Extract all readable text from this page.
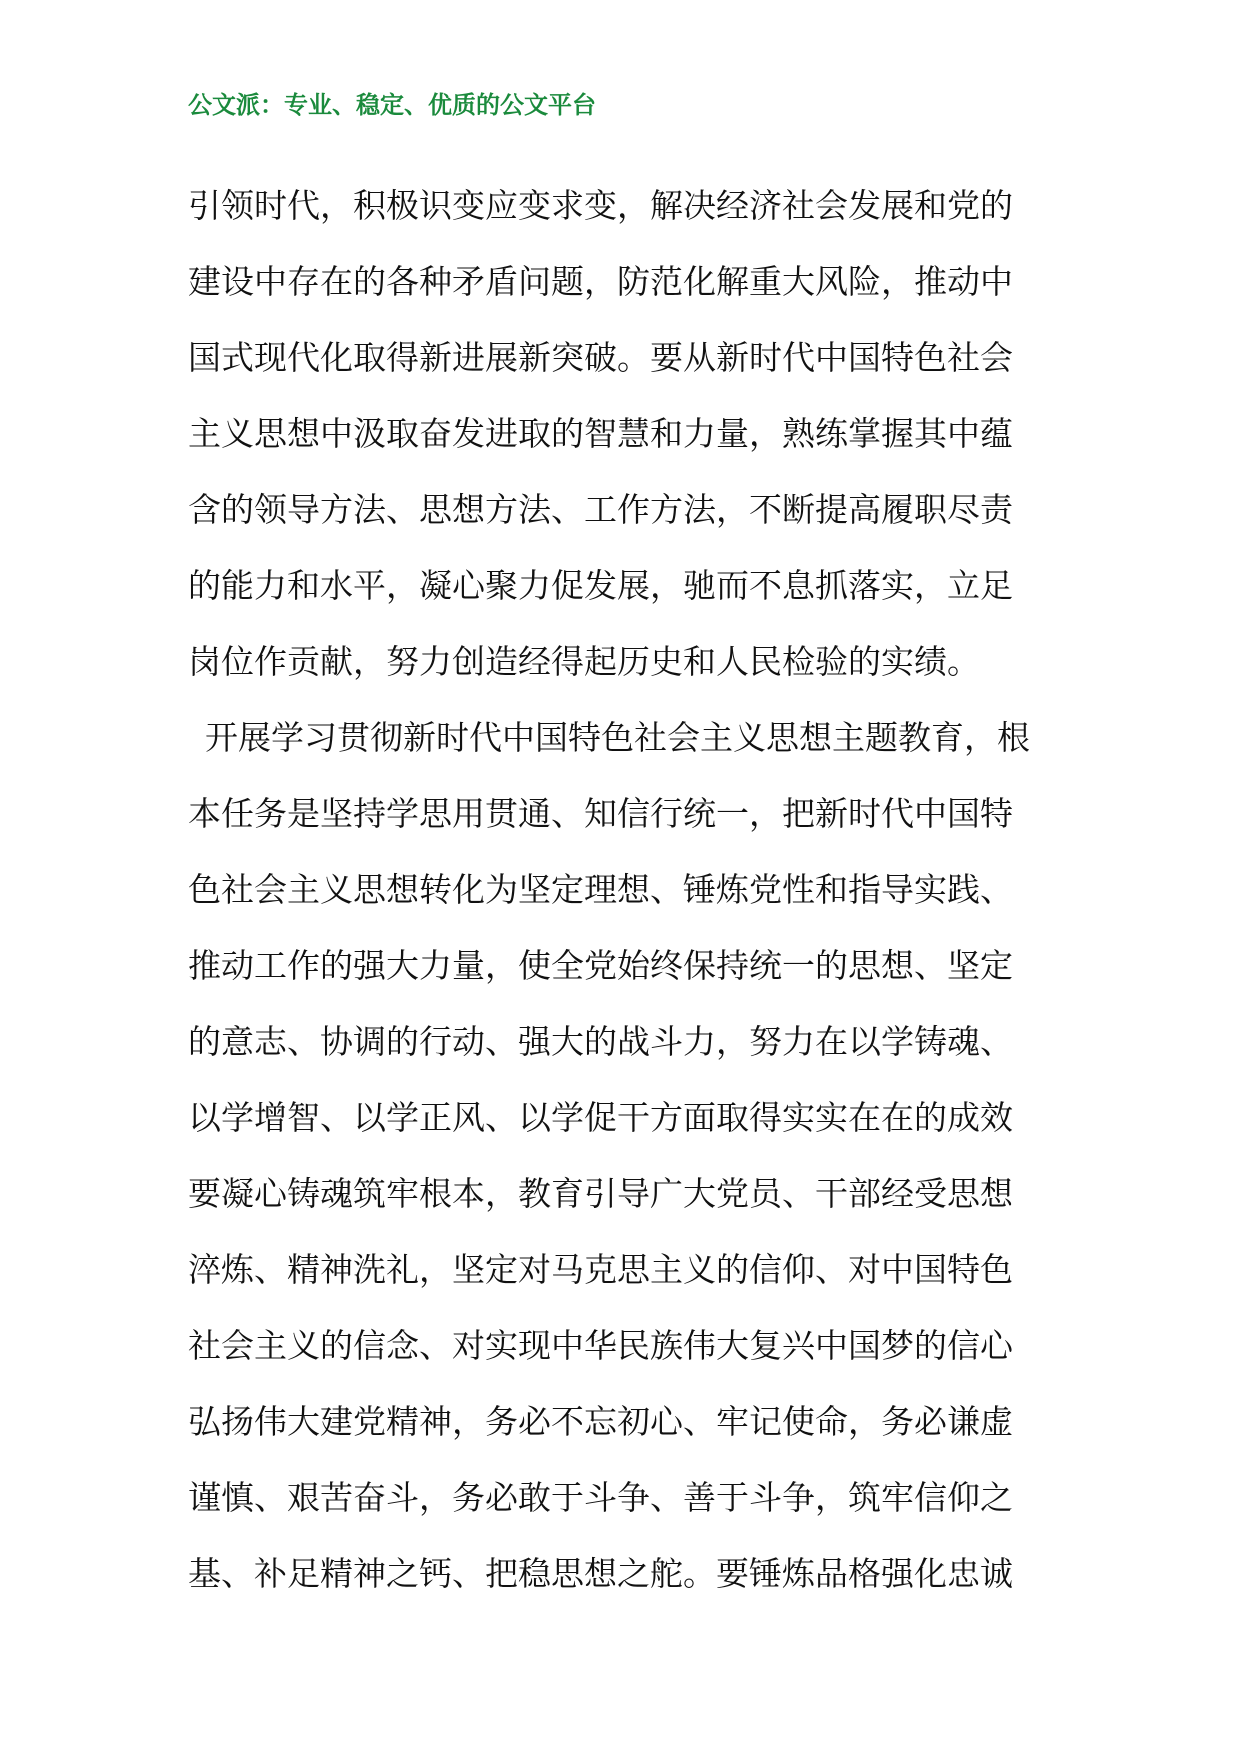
公文派：专业、稳定、优质的公文平台
引领时代，积极识变应变求变，解决经济社会发展和党的
建设中存在的各种矛盾问题，防范化解重大风险，推动中
国式现代化取得新进展新突破。要从新时代中国特色社会
主义思想中汲取奋发进取的智慧和力量，熟练掌握其中蕴
含的领导方法、思想方法、工作方法，不断提高履职尽责
的能力和水平，凝心聚力促发展，驰而不息抓落实，立足
岗位作贡献，努力创造经得起历史和人民检验的实绩。
开展学习贯彻新时代中国特色社会主义思想主题教育，根
本任务是坚持学思用贯通、知信行统一，把新时代中国特
色社会主义思想转化为坚定理想、锤炼党性和指导实践、
推动工作的强大力量，使全党始终保持统一的思想、坚定
的意志、协调的行动、强大的战斗力，努力在以学铸魂、
以学增智、以学正风、以学促干方面取得实实在在的成效
要凝心铸魂筑牢根本，教育引导广大党员、干部经受思想
淬炼、精神洗礼，坚定对马克思主义的信仰、对中国特色
社会主义的信念、对实现中华民族伟大复兴中国梦的信心
弘扬伟大建党精神，务必不忘初心、牢记使命，务必谦虚
谨慎、艰苦奋斗，务必敢于斗争、善于斗争，筑牢信仰之
基、补足精神之钙、把稳思想之舵。要锤炼品格强化忠诚
